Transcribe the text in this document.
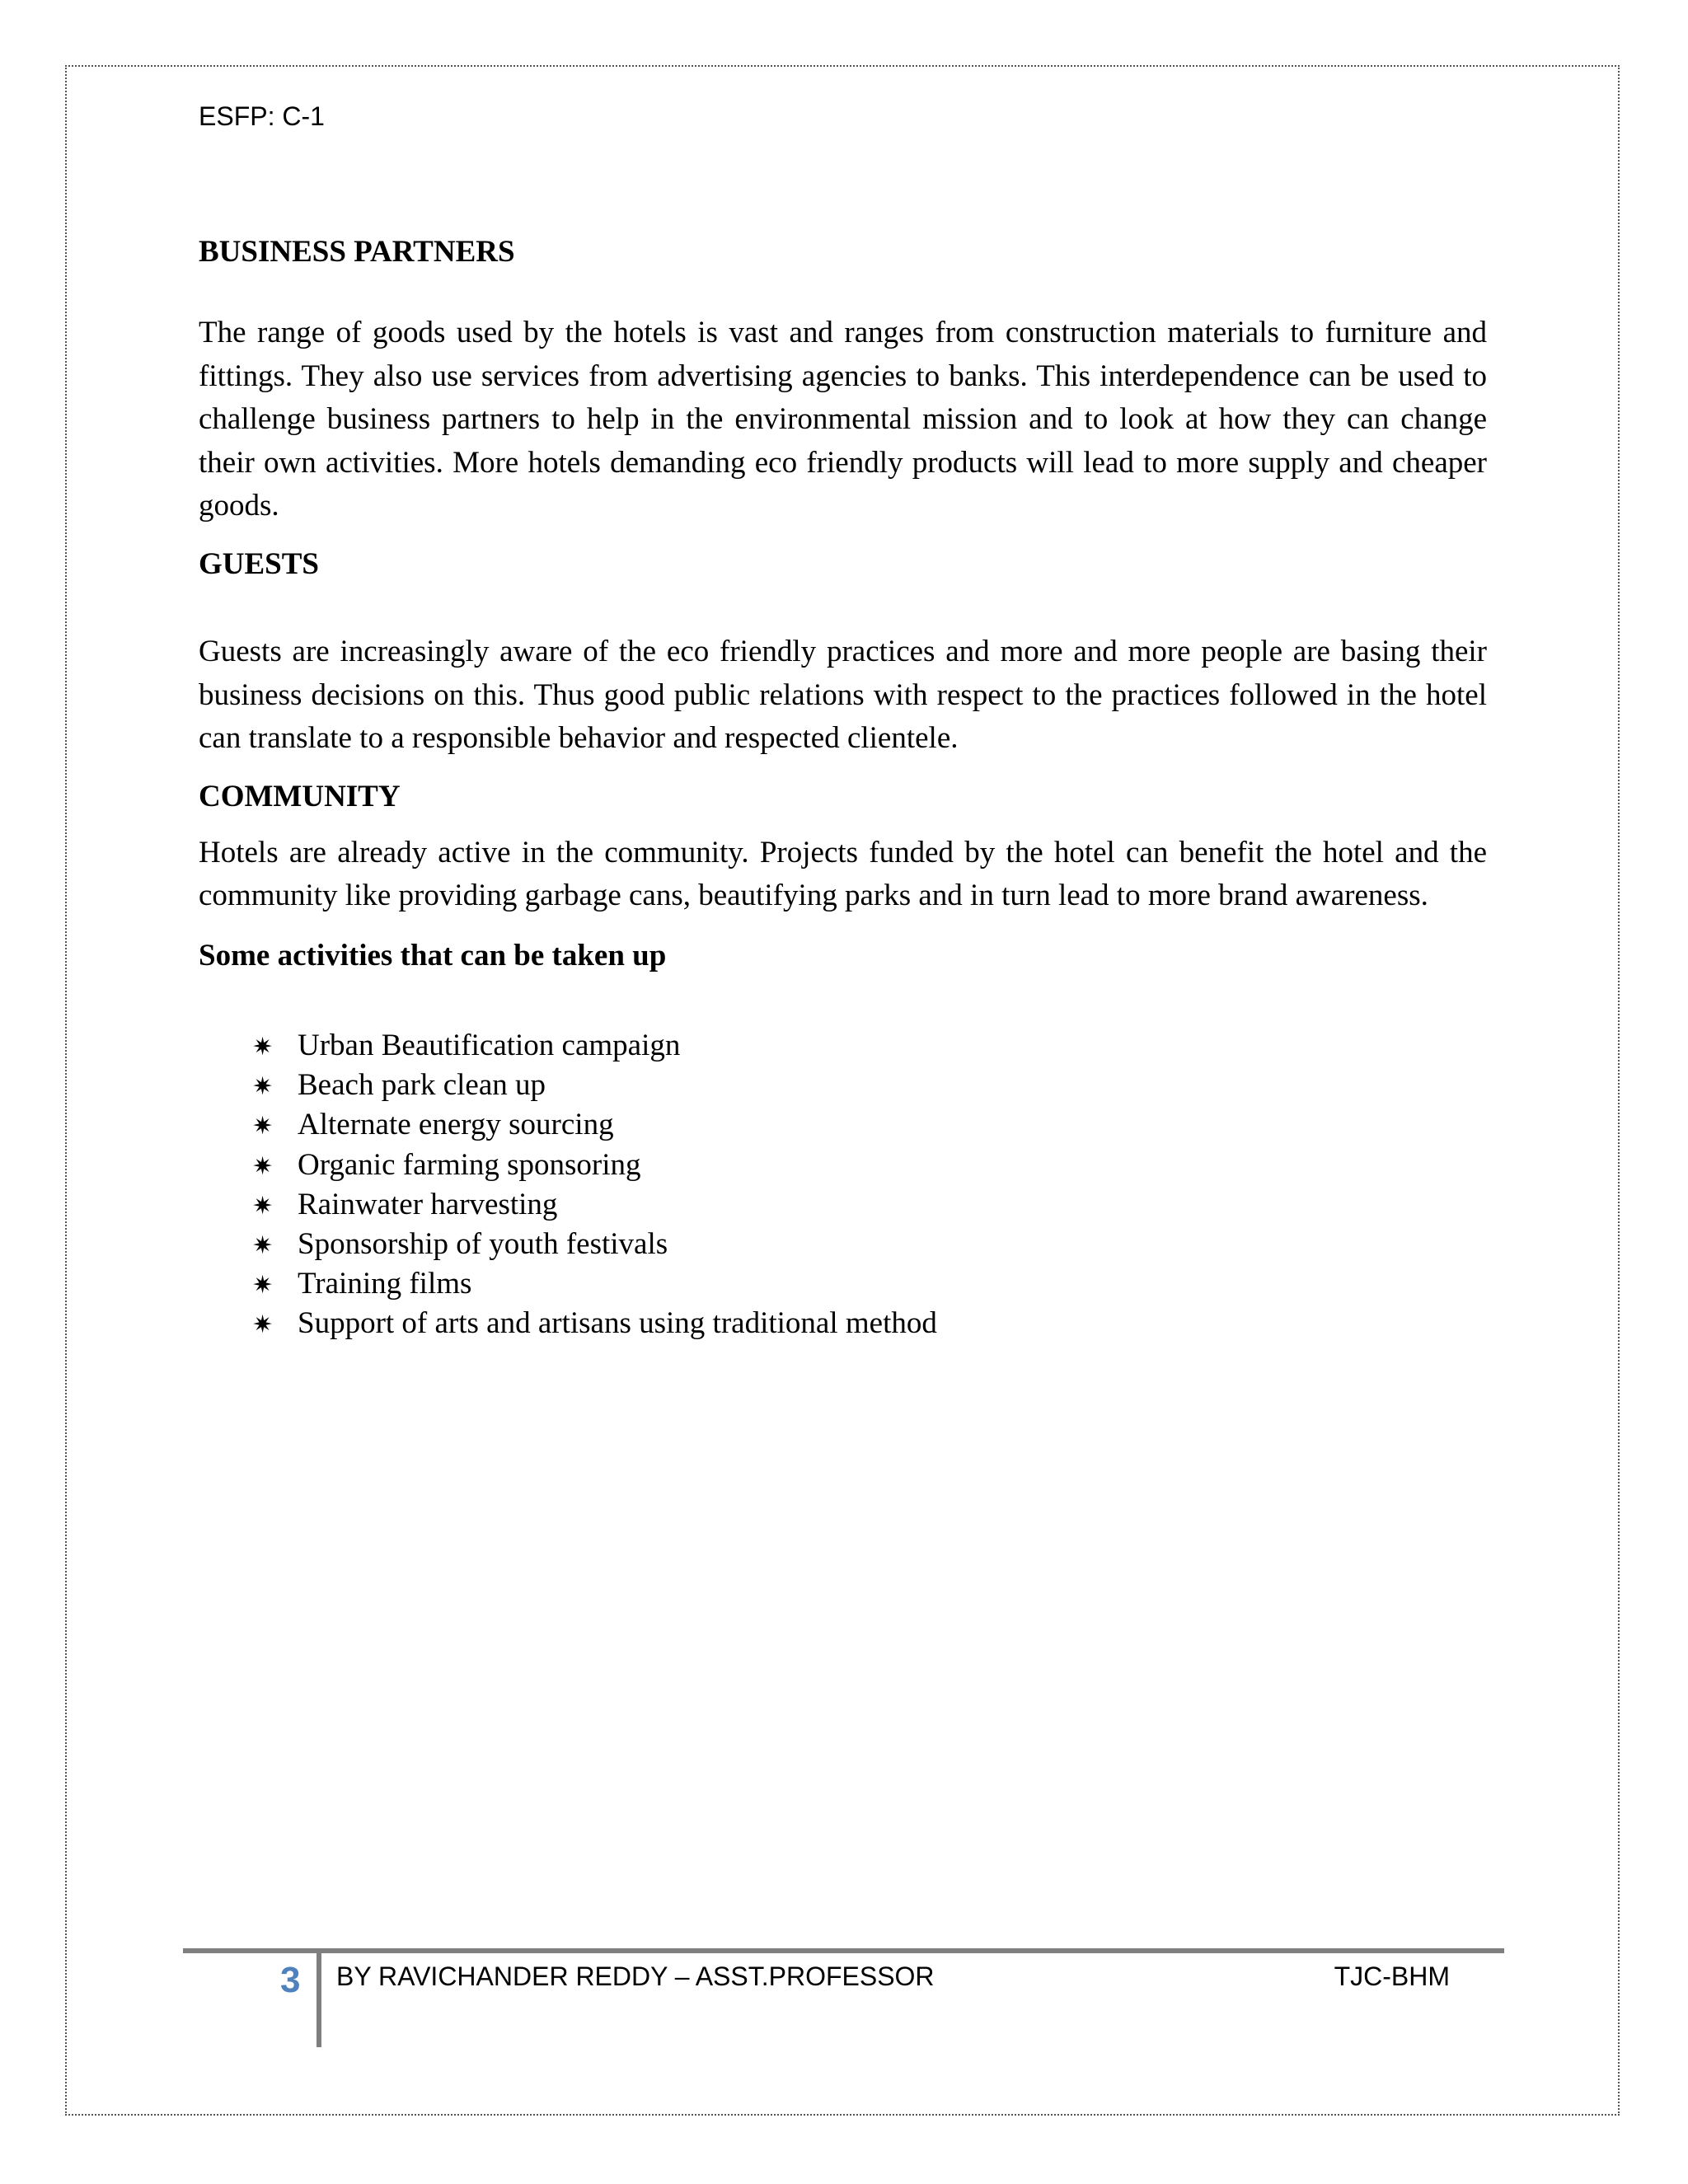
ESFP: C-1
BUSINESS PARTNERS

The range of goods used by the hotels is vast and ranges from construction materials to furniture and fittings. They also use services from advertising agencies to banks. This interdependence can be used to challenge business partners to help in the environmental mission and to look at how they can change their own activities. More hotels demanding eco friendly products will lead to more supply and cheaper goods.

GUESTS

Guests are increasingly aware of the eco friendly practices and more and more people are basing their business decisions on this. Thus good public relations with respect to the practices followed in the hotel can translate to a responsible behavior and respected clientele.

COMMUNITY

Hotels are already active in the community. Projects funded by the hotel can benefit the hotel and the community like providing garbage cans, beautifying parks and in turn lead to more brand awareness.

Some activities that can be taken up
✷ Urban Beautification campaign
✷ Beach park clean up
✷ Alternate energy sourcing
✷ Organic farming sponsoring
✷ Rainwater harvesting
✷ Sponsorship of youth festivals
✷ Training films
✷ Support of arts and artisans using traditional method
3 BY RAVICHANDER REDDY – ASST.PROFESSOR	TJC-BHM
